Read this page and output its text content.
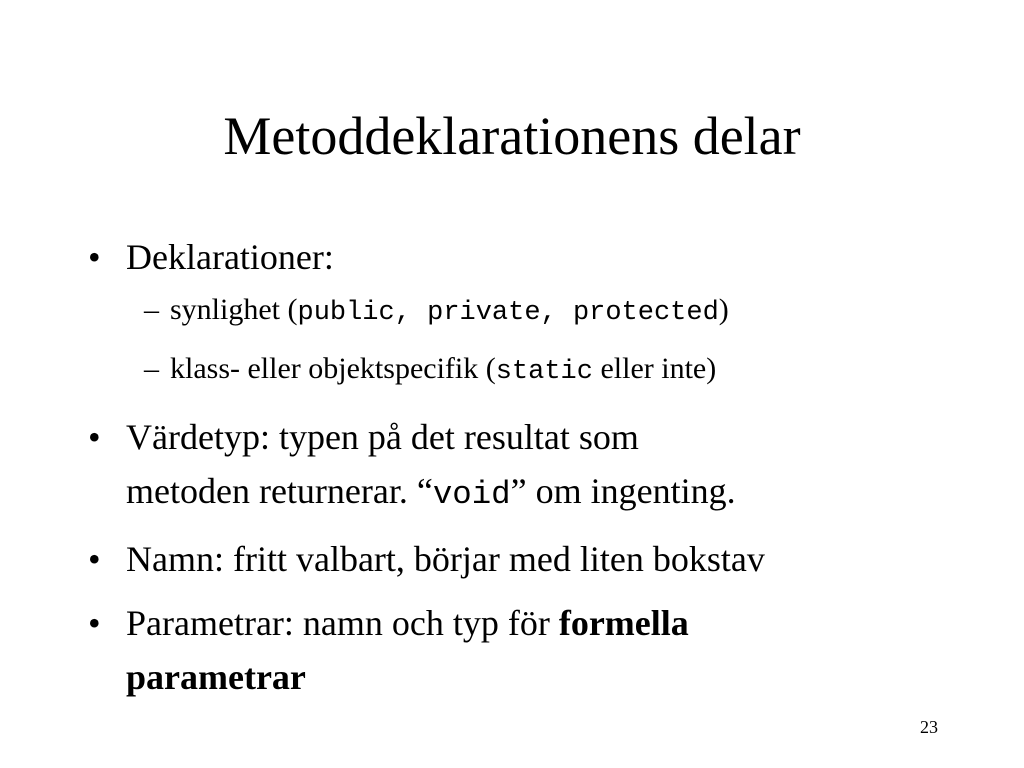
Metoddeklarationens delar
• Deklarationer:
– synlighet (public, private, protected)
– klass- eller objektspecifik (static eller inte)
• Värdetyp: typen på det resultat som
metoden returnerar. “void” om ingenting.
• Namn: fritt valbart, börjar med liten bokstav
• Parametrar: namn och typ för formella
parametrar
23
